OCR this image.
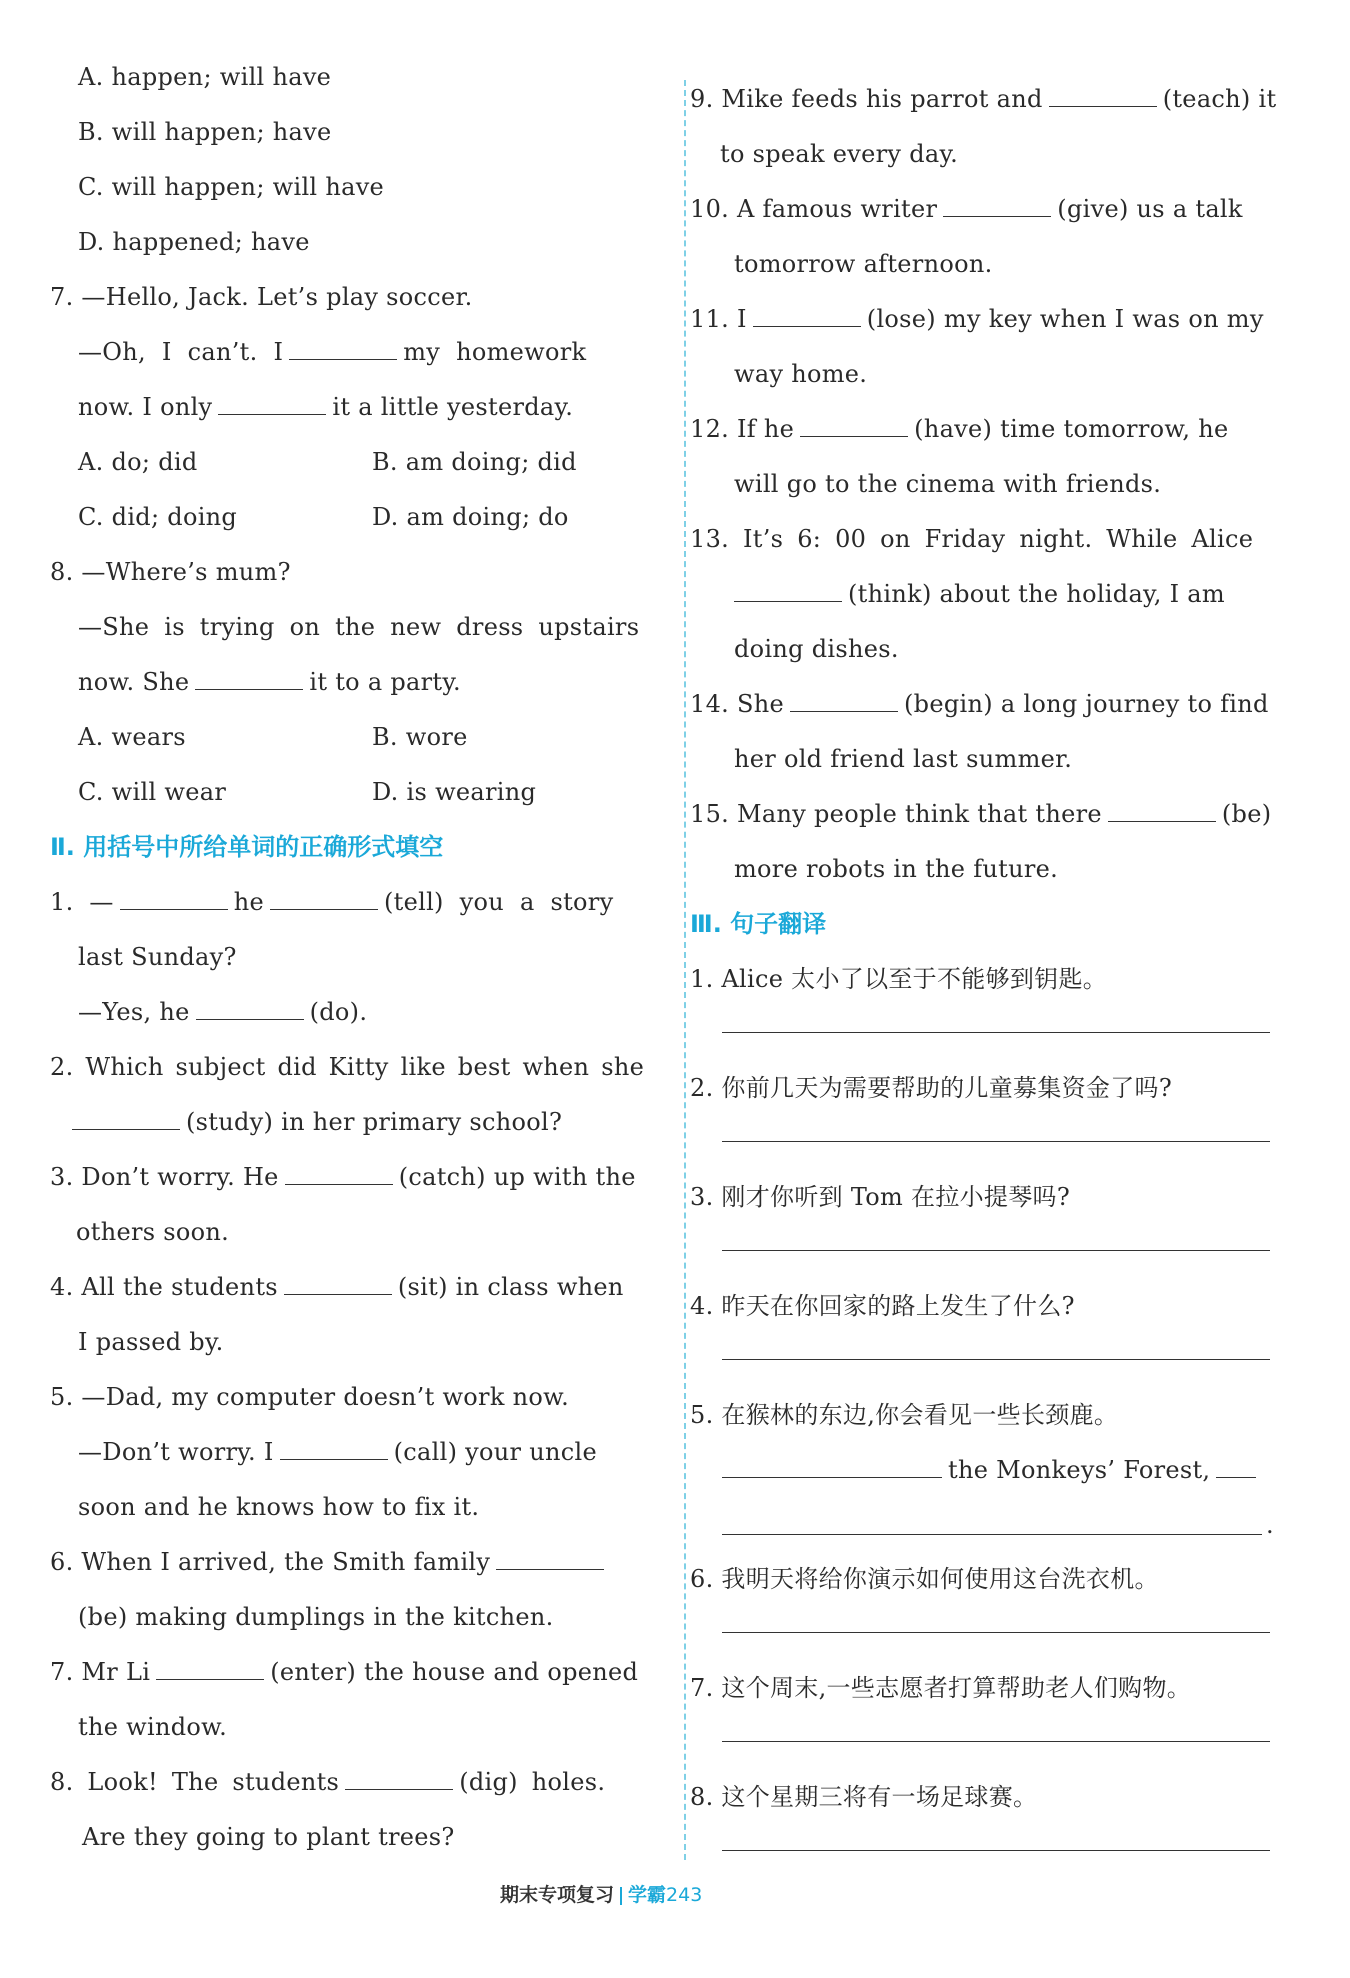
A. happen; will have
B. will happen; have
C. will happen; will have
D. happened; have
7. —Hello, Jack. Let’s play soccer.
—Oh, I can’t. I	my homework
now. I only	it a little yesterday.
A. do; did	B. am doing; did
C. did; doing	D. am doing; do
8. —Where’s mum?
—She is trying on the new dress upstairs
now. She	it to a party.
A. wears	B. wore
C. will wear	D. is wearing
Ⅱ. 用括号中所给单词的正确形式填空
1. —	he	(tell) you a story
last Sunday?
—Yes, he	(do).
2. Which subject did Kitty like best when she
(study) in her primary school?
3. Don’t worry. He	(catch) up with the
others soon.
4. All the students	(sit) in class when
I passed by.
5. —Dad, my computer doesn’t work now.
—Don’t worry. I	(call) your uncle
soon and he knows how to fix it.
6. When I arrived, the Smith family
(be) making dumplings in the kitchen.
7. Mr Li	(enter) the house and opened
the window.
8. Look! The students	(dig) holes.
Are they going to plant trees?
9. Mike feeds his parrot and	(teach) it
to speak every day.
10. A famous writer	(give) us a talk
tomorrow afternoon.
11. I	(lose) my key when I was on my
way home.
12. If he	(have) time tomorrow, he
will go to the cinema with friends.
13. It’s 6: 00 on Friday night. While Alice
(think) about the holiday, I am
doing dishes.
14. She	(begin) a long journey to find
her old friend last summer.
15. Many people think that there	(be)
more robots in the future.
Ⅲ. 句子翻译
1. Alice 太小了以至于不能够到钥匙。
2. 你前几天为需要帮助的儿童募集资金了吗?
3. 刚才你听到 Tom 在拉小提琴吗?
4. 昨天在你回家的路上发生了什么?
5. 在猴林的东边,你会看见一些长颈鹿。
the Monkeys’ Forest,
.
6. 我明天将给你演示如何使用这台洗衣机。
7. 这个周末,一些志愿者打算帮助老人们购物。
8. 这个星期三将有一场足球赛。
期末专项复习 学霸243
